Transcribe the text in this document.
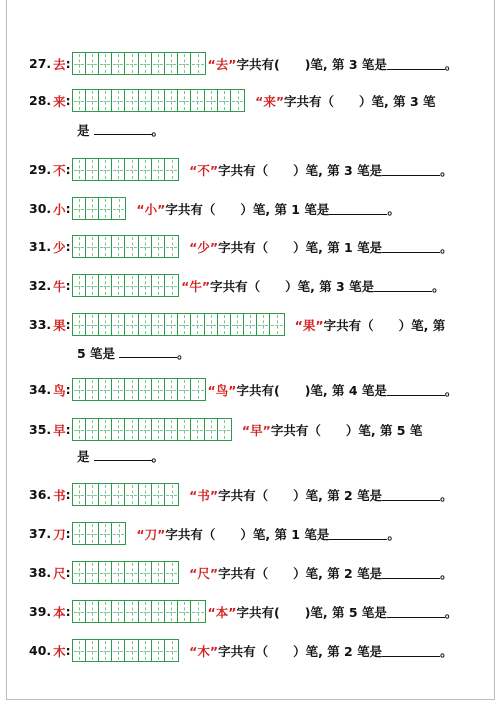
27. 去 :	“去” 字共有(　　)笔, 第 3 笔是	。
28. 来 :	“来” 字共有（　　）笔, 第 3 笔
是	。
29. 不 :	“不” 字共有（　　）笔, 第 3 笔是	。
30. 小 :	“小” 字共有（　　）笔, 第 1 笔是	。
31. 少 :	“少” 字共有（　　）笔, 第 1 笔是	。
32. 牛 :	“牛” 字共有（　　）笔, 第 3 笔是	。
33. 果 :	“果” 字共有（　　）笔, 第
5 笔是	。
34. 鸟 :	“鸟” 字共有(　　)笔, 第 4 笔是	。
35. 早 :	“早” 字共有（　　）笔, 第 5 笔
是	。
36. 书 :	“书” 字共有（　　）笔, 第 2 笔是	。
37. 刀 :	“刀” 字共有（　　）笔, 第 1 笔是	。
38. 尺 :	“尺” 字共有（　　）笔, 第 2 笔是	。
39. 本 :	“本” 字共有(　　)笔, 第 5 笔是	。
40. 木 :	“木” 字共有（　　）笔, 第 2 笔是	。
